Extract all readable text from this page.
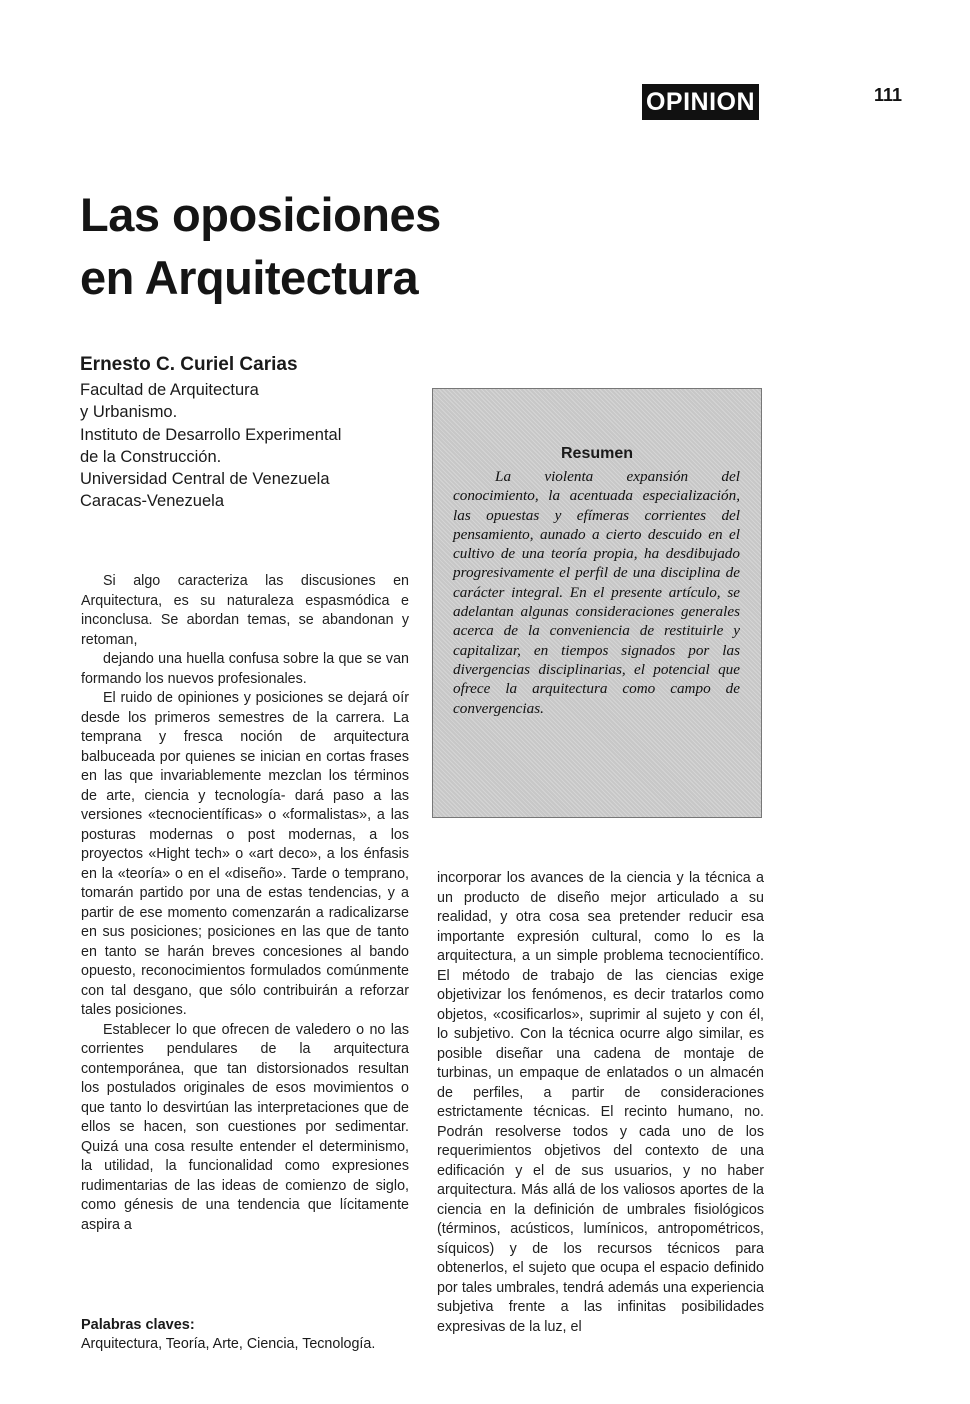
OPINION	111
Las oposiciones
en Arquitectura
Ernesto C. Curiel Carias
Facultad de Arquitectura
y Urbanismo.
Instituto de Desarrollo Experimental
de la Construcción.
Universidad Central de Venezuela
Caracas-Venezuela
Resumen

La violenta expansión del conocimiento, la acentuada especialización, las opuestas y efímeras corrientes del pensamiento, aunado a cierto descuido en el cultivo de una teoría propia, ha desdibujado progresivamente el perfil de una disciplina de carácter integral. En el presente artículo, se adelantan algunas consideraciones generales acerca de la conveniencia de restituirle y capitalizar, en tiempos signados por las divergencias disciplinarias, el potencial que ofrece la arquitectura como campo de convergencias.

Si algo caracteriza las discusiones en Arquitectura, es su naturaleza espasmódica e inconclusa. Se abordan temas, se abandonan y retoman,

dejando una huella confusa sobre la que se van formando los nuevos profesionales.

El ruido de opiniones y posiciones se dejará oír desde los primeros semestres de la carrera. La temprana y fresca noción de arquitectura balbuceada por quienes se inician en cortas frases en las que invariablemente mezclan los términos de arte, ciencia y tecnología- dará paso a las versiones «tecnocientíficas» o «formalistas», a las posturas modernas o post modernas, a los proyectos «Hight tech» o «art deco», a los énfasis en la «teoría» o en el «diseño». Tarde o temprano, tomarán partido por una de estas tendencias, y a partir de ese momento comenzarán a radicalizarse en sus posiciones; posiciones en las que de tanto en tanto se harán breves concesiones al bando opuesto, reconocimientos formulados comúnmente con tal desgano, que sólo contribuirán a reforzar tales posiciones.

Establecer lo que ofrecen de valedero o no las corrientes pendulares de la arquitectura contemporánea, que tan distorsionados resultan los postulados originales de esos movimientos o que tanto lo desvirtúan las interpretaciones que de ellos se hacen, son cuestiones por sedimentar. Quizá una cosa resulte entender el determinismo, la utilidad, la funcionalidad como expresiones rudimentarias de las ideas de comienzo de siglo, como génesis de una tendencia que lícitamente aspira a

incorporar los avances de la ciencia y la técnica a un producto de diseño mejor articulado a su realidad, y otra cosa sea pretender reducir esa importante expresión cultural, como lo es la arquitectura, a un simple problema tecnocientífico. El método de trabajo de las ciencias exige objetivizar los fenómenos, es decir tratarlos como objetos, «cosificarlos», suprimir al sujeto y con él, lo subjetivo. Con la técnica ocurre algo similar, es posible diseñar una cadena de montaje de turbinas, un empaque de enlatados o un almacén de perfiles, a partir de consideraciones estrictamente técnicas. El recinto humano, no. Podrán resolverse todos y cada uno de los requerimientos objetivos del contexto de una edificación y el de sus usuarios, y no haber arquitectura. Más allá de los valiosos aportes de la ciencia en la definición de umbrales fisiológicos (términos, acústicos, lumínicos, antropométricos, síquicos) y de los recursos técnicos para obtenerlos, el sujeto que ocupa el espacio definido por tales umbrales, tendrá además una experiencia subjetiva frente a las infinitas posibilidades expresivas de la luz, el

Palabras claves:
Arquitectura, Teoría, Arte, Ciencia, Tecnología.
